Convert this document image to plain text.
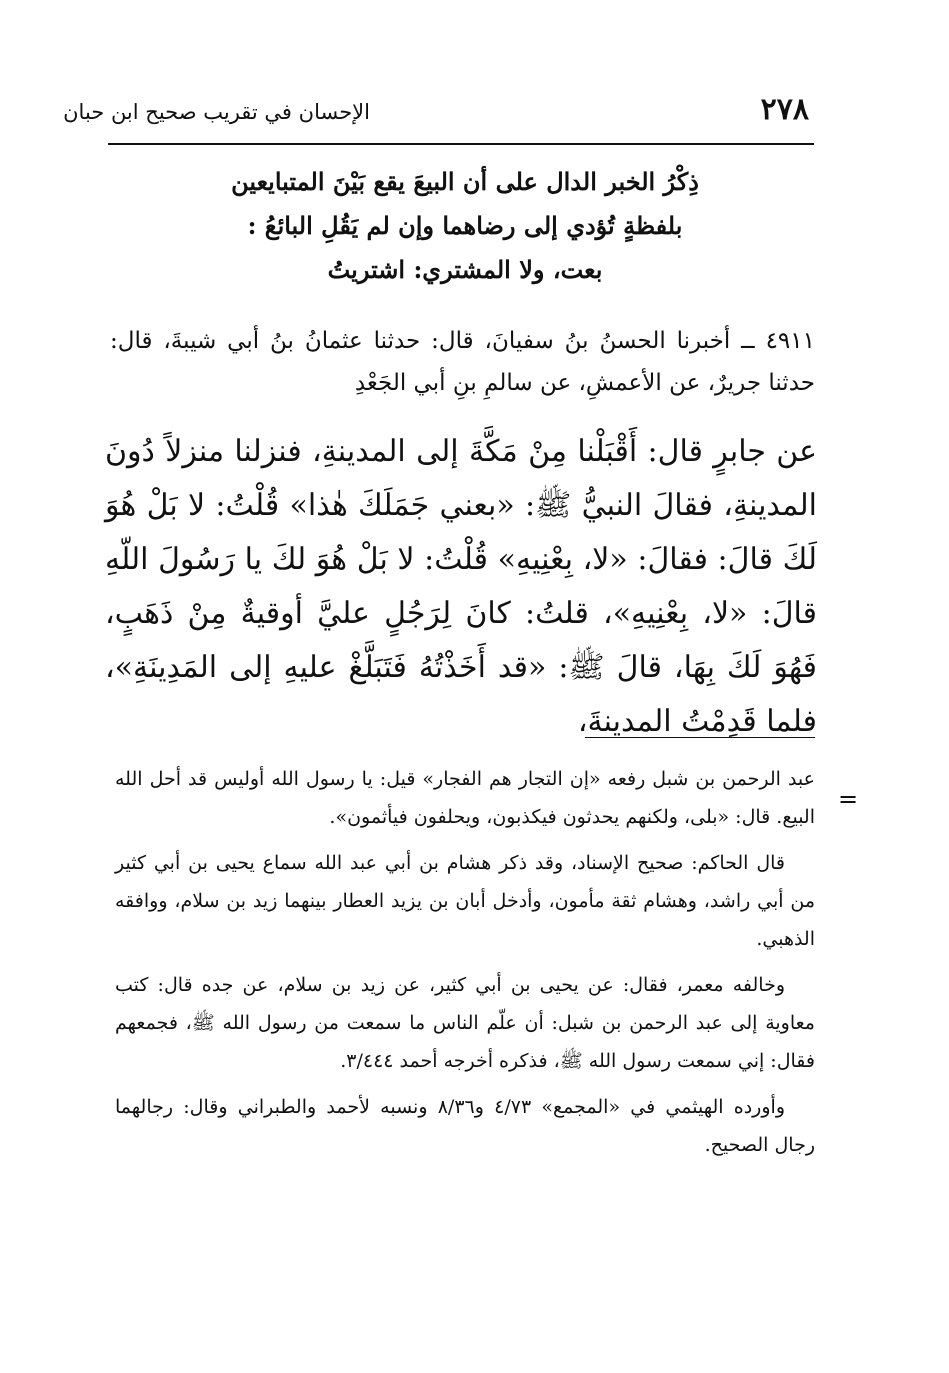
٢٧٨
الإحسان في تقريب صحيح ابن حبان
ذِكْرُ الخبر الدال على أن البيعَ يقع بَيْنَ المتبايعين
بلفظةٍ تُؤدي إلى رضاهما وإن لم يَقُلِ البائعُ :
بعت، ولا المشتري: اشتريتُ
٤٩١١ ــ أخبرنا الحسنُ بنُ سفيانَ، قال: حدثنا عثمانُ بنُ أبي شيبةَ، قال: حدثنا جريرٌ، عن الأعمشِ، عن سالمِ بنِ أبي الجَعْدِ
عن جابرٍ قال: أَقْبَلْنا مِنْ مَكَّةَ إلى المدينةِ، فنزلنا منزلاً دُونَ المدينةِ، فقالَ النبيُّ ﷺ: «بعني جَمَلَكَ هٰذا» قُلْتُ: لا بَلْ هُوَ لَكَ قالَ: فقالَ: «لا، بِعْنِيهِ» قُلْتُ: لا بَلْ هُوَ لكَ يا رَسُولَ اللّهِ قالَ: «لا، بِعْنِيهِ»، قلتُ: كانَ لِرَجُلٍ عليَّ أوقيةٌ مِنْ ذَهَبٍ، فَهُوَ لَكَ بِهَا، قالَ ﷺ: «قد أَخَذْتُهُ فَتَبَلَّغْ عليهِ إلى المَدِينَةِ»، فلما قَدِمْتُ المدينةَ،
=

عبد الرحمن بن شبل رفعه «إن التجار هم الفجار» قيل: يا رسول الله أوليس قد أحل الله البيع. قال: «بلى، ولكنهم يحدثون فيكذبون، ويحلفون فيأثمون».

قال الحاكم: صحيح الإسناد، وقد ذكر هشام بن أبي عبد الله سماع يحيى بن أبي كثير من أبي راشد، وهشام ثقة مأمون، وأدخل أبان بن يزيد العطار بينهما زيد بن سلام، ووافقه الذهبي.

وخالفه معمر، فقال: عن يحيى بن أبي كثير، عن زيد بن سلام، عن جده قال: كتب معاوية إلى عبد الرحمن بن شبل: أن علّم الناس ما سمعت من رسول الله ﷺ، فجمعهم فقال: إني سمعت رسول الله ﷺ، فذكره أخرجه أحمد ٣/٤٤٤.

وأورده الهيثمي في «المجمع» ٤/٧٣ و٨/٣٦ ونسبه لأحمد والطبراني وقال: رجالهما رجال الصحيح.
